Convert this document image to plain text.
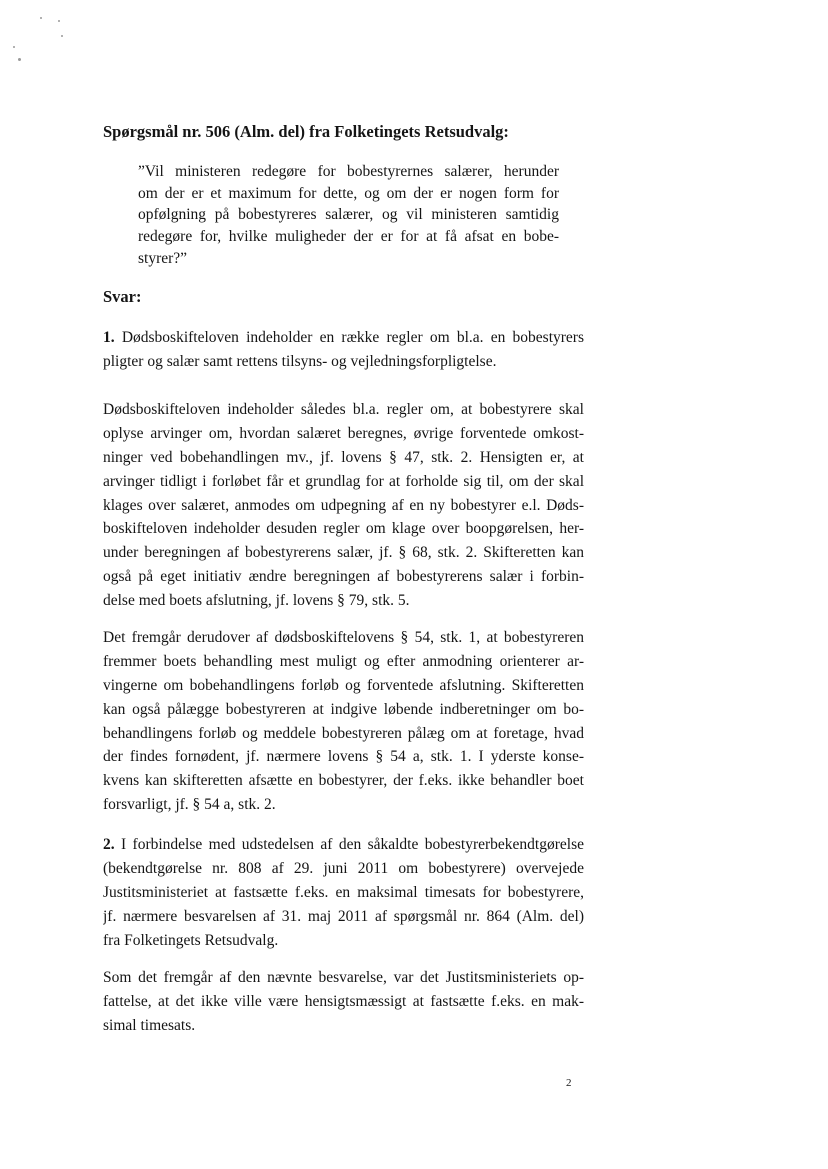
Spørgsmål nr. 506 (Alm. del) fra Folketingets Retsudvalg:
”Vil ministeren redegøre for bobestyrernes salærer, herunder
om der er et maximum for dette, og om der er nogen form for
opfølgning på bobestyreres salærer, og vil ministeren samtidig
redegøre for, hvilke muligheder der er for at få afsat en bobe-
styrer?”
Svar:
1. Dødsboskifteloven indeholder en række regler om bl.a. en bobestyrers
pligter og salær samt rettens tilsyns- og vejledningsforpligtelse.
Dødsboskifteloven indeholder således bl.a. regler om, at bobestyrere skal
oplyse arvinger om, hvordan salæret beregnes, øvrige forventede omkost-
ninger ved bobehandlingen mv., jf. lovens § 47, stk. 2. Hensigten er, at
arvinger tidligt i forløbet får et grundlag for at forholde sig til, om der skal
klages over salæret, anmodes om udpegning af en ny bobestyrer e.l. Døds-
boskifteloven indeholder desuden regler om klage over boopgørelsen, her-
under beregningen af bobestyrerens salær, jf. § 68, stk. 2. Skifteretten kan
også på eget initiativ ændre beregningen af bobestyrerens salær i forbin-
delse med boets afslutning, jf. lovens § 79, stk. 5.
Det fremgår derudover af dødsboskiftelovens § 54, stk. 1, at bobestyreren
fremmer boets behandling mest muligt og efter anmodning orienterer ar-
vingerne om bobehandlingens forløb og forventede afslutning. Skifteretten
kan også pålægge bobestyreren at indgive løbende indberetninger om bo-
behandlingens forløb og meddele bobestyreren pålæg om at foretage, hvad
der findes fornødent, jf. nærmere lovens § 54 a, stk. 1. I yderste konse-
kvens kan skifteretten afsætte en bobestyrer, der f.eks. ikke behandler boet
forsvarligt, jf. § 54 a, stk. 2.
2. I forbindelse med udstedelsen af den såkaldte bobestyrerbekendtgørelse
(bekendtgørelse nr. 808 af 29. juni 2011 om bobestyrere) overvejede
Justitsministeriet at fastsætte f.eks. en maksimal timesats for bobestyrere,
jf. nærmere besvarelsen af 31. maj 2011 af spørgsmål nr. 864 (Alm. del)
fra Folketingets Retsudvalg.
Som det fremgår af den nævnte besvarelse, var det Justitsministeriets op-
fattelse, at det ikke ville være hensigtsmæssigt at fastsætte f.eks. en mak-
simal timesats.
2
